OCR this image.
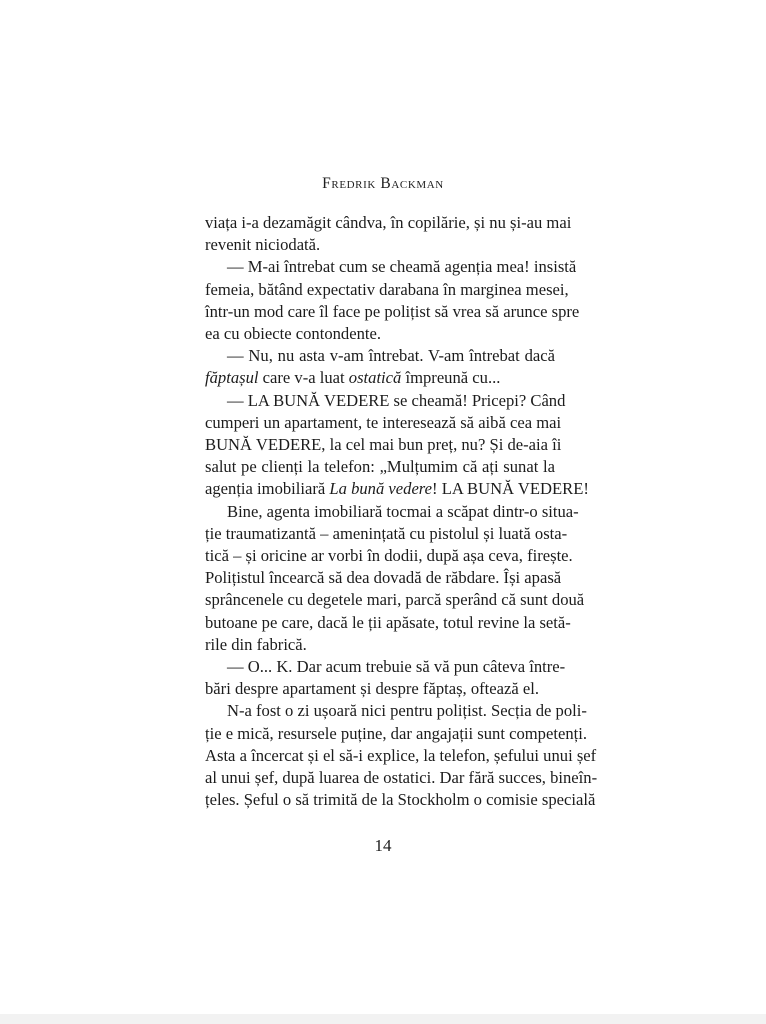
Fredrik Backman
viața i-a dezamăgit cândva, în copilărie, și nu și-au mai
revenit niciodată.
— M-ai întrebat cum se cheamă agenția mea! insistă
femeia, bătând expectativ darabana în marginea mesei,
într-un mod care îl face pe polițist să vrea să arunce spre
ea cu obiecte contondente.
— Nu, nu asta v-am întrebat. V-am întrebat dacă
făptașul care v-a luat ostatică împreună cu...
— LA BUNĂ VEDERE se cheamă! Pricepi? Când
cumperi un apartament, te interesează să aibă cea mai
BUNĂ VEDERE, la cel mai bun preț, nu? Și de-aia îi
salut pe clienți la telefon: „Mulțumim că ați sunat la
agenția imobiliară La bună vedere! LA BUNĂ VEDERE!
Bine, agenta imobiliară tocmai a scăpat dintr-o situa-
ție traumatizantă – amenințată cu pistolul și luată osta-
tică – și oricine ar vorbi în dodii, după așa ceva, firește.
Polițistul încearcă să dea dovadă de răbdare. Își apasă
sprâncenele cu degetele mari, parcă sperând că sunt două
butoane pe care, dacă le ții apăsate, totul revine la setă-
rile din fabrică.
— O... K. Dar acum trebuie să vă pun câteva între-
bări despre apartament și despre făptaș, oftează el.
N-a fost o zi ușoară nici pentru polițist. Secția de poli-
ție e mică, resursele puține, dar angajații sunt competenți.
Asta a încercat și el să-i explice, la telefon, șefului unui șef
al unui șef, după luarea de ostatici. Dar fără succes, bineîn-
țeles. Șeful o să trimită de la Stockholm o comisie specială
14
